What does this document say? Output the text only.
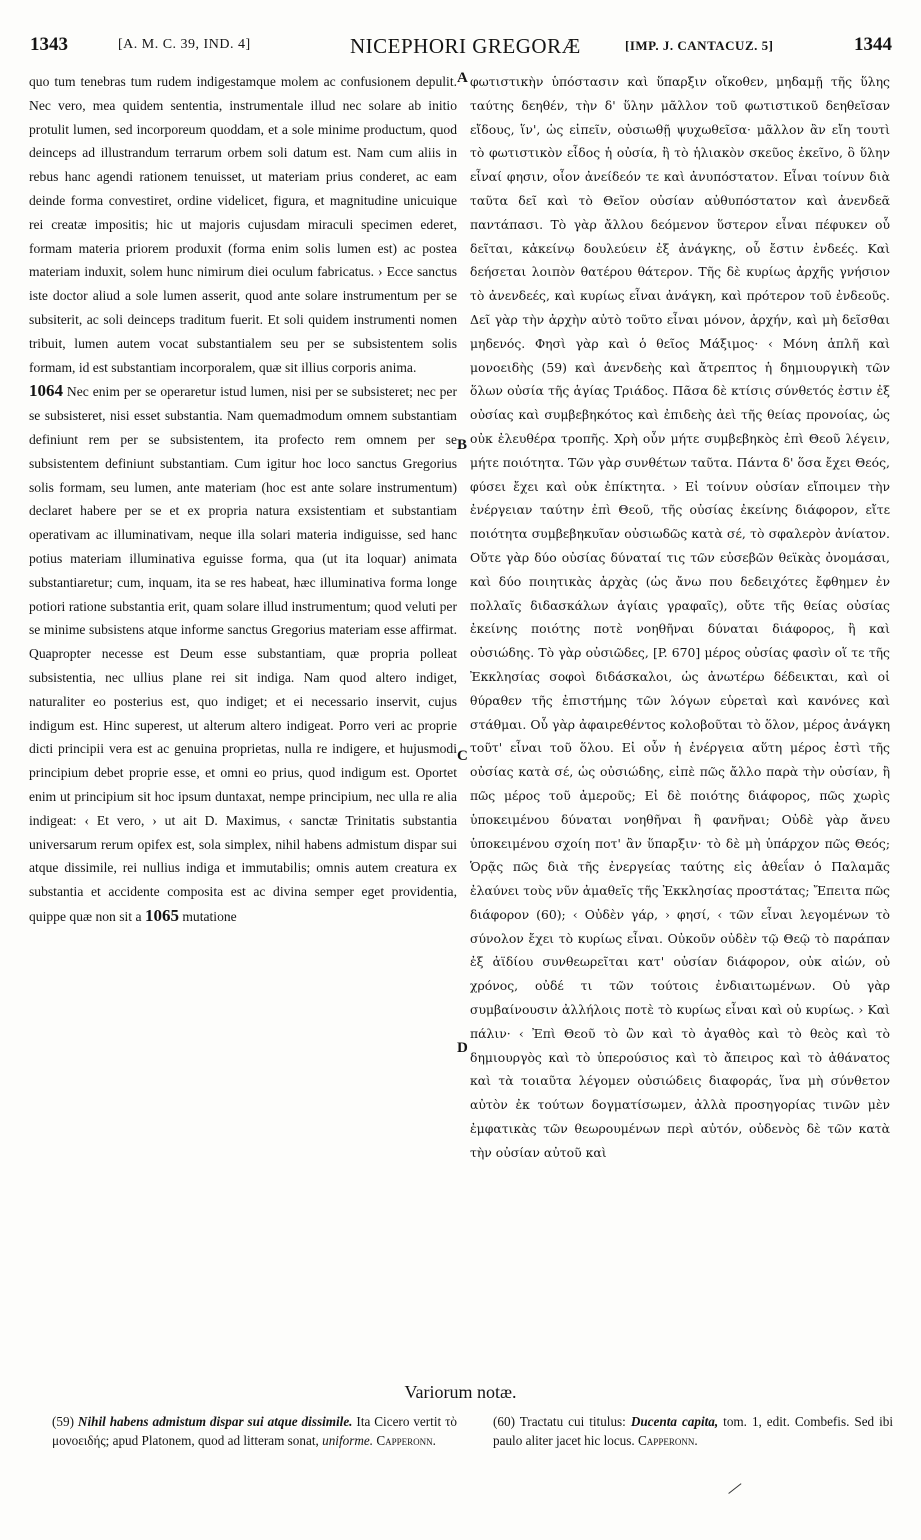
1343	[A. M. C. 39, IND. 4]	NICEPHORI GREGORÆ	[IMP. J. CANTACUZ. 5]	1344

quo tum tenebras tum rudem indigestamque molem ac confusionem depulit. Nec vero, mea quidem sententia, instrumentale illud nec solare ab initio protulit lumen, sed incorporeum quoddam, et a sole minime productum, quod deinceps ad illustrandum terrarum orbem soli datum est. Nam cum aliis in rebus hanc agendi rationem tenuisset, ut materiam prius conderet, ac eam deinde forma convestiret, ordine videlicet, figura, et magnitudine unicuique rei creatæ impositis; hic ut majoris cujusdam miraculi specimen ederet, formam materia priorem produxit (forma enim solis lumen est) ac postea materiam induxit, solem hunc nimirum diei oculum fabricatus. › Ecce sanctus iste doctor aliud a sole lumen asserit, quod ante solare instrumentum per se subsiterit, ac soli deinceps traditum fuerit. Et soli quidem instrumenti nomen tribuit, lumen autem vocat substantialem seu per se subsistentem solis formam, id est substantiam incorporalem, quæ sit illius corporis anima.

1064 Nec enim per se operaretur istud lumen, nisi per se subsisteret; nec per se subsisteret, nisi esset substantia. Nam quemadmodum omnem substantiam definiunt rem per se subsistentem, ita profecto rem omnem per se subsistentem definiunt substantiam. Cum igitur hoc loco sanctus Gregorius solis formam, seu lumen, ante materiam (hoc est ante solare instrumentum) declaret habere per se et ex propria natura exsistentiam et substantiam operativam ac illuminativam, neque illa solari materia indiguisse, sed hanc potius materiam illuminativa eguisse forma, qua (ut ita loquar) animata substantiaretur; cum, inquam, ita se res habeat, hæc illuminativa forma longe potiori ratione substantia erit, quam solare illud instrumentum; quod veluti per se minime subsistens atque informe sanctus Gregorius materiam esse affirmat. Quapropter necesse est Deum esse substantiam, quæ propria polleat subsistentia, nec ullius plane rei sit indiga. Nam quod altero indiget, naturaliter eo posterius est, quo indiget; et ei necessario inservit, cujus indigum est. Hinc superest, ut alterum altero indigeat. Porro veri ac proprie dicti principii vera est ac genuina proprietas, nulla re indigere, et hujusmodi principium debet proprie esse, et omni eo prius, quod indigum est. Oportet enim ut principium sit hoc ipsum duntaxat, nempe principium, nec ulla re alia indigeat: ‹ Et vero, › ut ait D. Maximus, ‹ sanctæ Trinitatis substantia universarum rerum opifex est, sola simplex, nihil habens admistum dispar sui atque dissimile, rei nullius indiga et immutabilis; omnis autem creatura ex substantia et accidente composita est ac divina semper eget providentia, quippe quæ non sit a 1065 mutatione

A
B
C
D

φωτιστικὴν ὑπόστασιν καὶ ὕπαρξιν οἴκοθεν, μηδαμῇ τῆς ὕλης ταύτης δεηθέν, τὴν δ' ὕλην μᾶλλον τοῦ φωτιστικοῦ δεηθεῖσαν εἴδους, ἵν', ὡς εἰπεῖν, οὐσιωθῇ ψυχωθεῖσα· μᾶλλον ἂν εἴη τουτὶ τὸ φωτιστικὸν εἶδος ἡ οὐσία, ἢ τὸ ἡλιακὸν σκεῦος ἐκεῖνο, ὃ ὕλην εἶναί φησιν, οἷον ἀνείδεόν τε καὶ ἀνυπόστατον. Εἶναι τοίνυν διὰ ταῦτα δεῖ καὶ τὸ Θεῖον οὐσίαν αὐθυπόστατον καὶ ἀνενδεᾶ παντάπασι. Τὸ γὰρ ἄλλου δεόμενον ὕστερον εἶναι πέφυκεν οὗ δεῖται, κἀκείνῳ δουλεύειν ἐξ ἀνάγκης, οὗ ἔστιν ἐνδεές. Καὶ δεήσεται λοιπὸν θατέρου θάτερον. Τῆς δὲ κυρίως ἀρχῆς γνήσιον τὸ ἀνενδεές, καὶ κυρίως εἶναι ἀνάγκη, καὶ πρότερον τοῦ ἐνδεοῦς. Δεῖ γὰρ τὴν ἀρχὴν αὐτὸ τοῦτο εἶναι μόνον, ἀρχήν, καὶ μὴ δεῖσθαι μηδενός. Φησὶ γὰρ καὶ ὁ θεῖος Μάξιμος· ‹ Μόνη ἁπλῆ καὶ μονοειδὴς (59) καὶ ἀνενδεὴς καὶ ἄτρεπτος ἡ δημιουργικὴ τῶν ὅλων οὐσία τῆς ἁγίας Τριάδος. Πᾶσα δὲ κτίσις σύνθετός ἐστιν ἐξ οὐσίας καὶ συμβεβηκότος καὶ ἐπιδεὴς ἀεὶ τῆς θείας προνοίας, ὡς οὐκ ἐλευθέρα τροπῆς. Χρὴ οὖν μήτε συμβεβηκὸς ἐπὶ Θεοῦ λέγειν, μήτε ποιότητα. Τῶν γὰρ συνθέτων ταῦτα. Πάντα δ' ὅσα ἔχει Θεός, φύσει ἔχει καὶ οὐκ ἐπίκτητα. › Εἰ τοίνυν οὐσίαν εἴποιμεν τὴν ἐνέργειαν ταύτην ἐπὶ Θεοῦ, τῆς οὐσίας ἐκείνης διάφορον, εἴτε ποιότητα συμβεβηκυῖαν οὐσιωδῶς κατὰ σέ, τὸ σφαλερὸν ἀνίατον. Οὔτε γὰρ δύο οὐσίας δύναταί τις τῶν εὐσεβῶν θεϊκὰς ὀνομάσαι, καὶ δύο ποιητικὰς ἀρχὰς (ὡς ἄνω που δεδειχότες ἔφθημεν ἐν πολλαῖς διδασκάλων ἁγίαις γραφαῖς), οὔτε τῆς θείας οὐσίας ἐκείνης ποιότης ποτὲ νοηθῆναι δύναται διάφορος, ἢ καὶ οὐσιώδης. Τὸ γὰρ οὐσιῶδες, [P. 670] μέρος οὐσίας φασὶν οἵ τε τῆς Ἐκκλησίας σοφοὶ διδάσκαλοι, ὡς ἀνωτέρω δέδεικται, καὶ οἱ θύραθεν τῆς ἐπιστήμης τῶν λόγων εὑρεταὶ καὶ κανόνες καὶ στάθμαι. Οὗ γὰρ ἀφαιρεθέντος κολοβοῦται τὸ ὅλον, μέρος ἀνάγκη τοῦτ' εἶναι τοῦ ὅλου. Εἰ οὖν ἡ ἐνέργεια αὕτη μέρος ἐστὶ τῆς οὐσίας κατὰ σέ, ὡς οὐσιώδης, εἰπὲ πῶς ἄλλο παρὰ τὴν οὐσίαν, ἢ πῶς μέρος τοῦ ἀμεροῦς; Εἰ δὲ ποιότης διάφορος, πῶς χωρὶς ὑποκειμένου δύναται νοηθῆναι ἢ φανῆναι; Οὐδὲ γὰρ ἄνευ ὑποκειμένου σχοίη ποτ' ἂν ὕπαρξιν· τὸ δὲ μὴ ὑπάρχον πῶς Θεός; Ὁρᾷς πῶς διὰ τῆς ἐνεργείας ταύτης εἰς ἀθεΐαν ὁ Παλαμᾶς ἐλαύνει τοὺς νῦν ἀμαθεῖς τῆς Ἐκκλησίας προστάτας; Ἔπειτα πῶς διάφορον (60); ‹ Οὐδὲν γάρ, › φησί, ‹ τῶν εἶναι λεγομένων τὸ σύνολον ἔχει τὸ κυρίως εἶναι. Οὐκοῦν οὐδὲν τῷ Θεῷ τὸ παράπαν ἐξ ἀϊδίου συνθεωρεῖται κατ' οὐσίαν διάφορον, οὐκ αἰών, οὐ χρόνος, οὐδέ τι τῶν τούτοις ἐνδιαιτωμένων. Οὐ γὰρ συμβαίνουσιν ἀλλήλοις ποτὲ τὸ κυρίως εἶναι καὶ οὐ κυρίως. › Καὶ πάλιν· ‹ Ἐπὶ Θεοῦ τὸ ὢν καὶ τὸ ἀγαθὸς καὶ τὸ θεὸς καὶ τὸ δημιουργὸς καὶ τὸ ὑπερούσιος καὶ τὸ ἄπειρος καὶ τὸ ἀθάνατος καὶ τὰ τοιαῦτα λέγομεν οὐσιώδεις διαφοράς, ἵνα μὴ σύνθετον αὐτὸν ἐκ τούτων δογματίσωμεν, ἀλλὰ προσηγορίας τινῶν μὲν ἐμφατικὰς τῶν θεωρουμένων περὶ αὐτόν, οὐδενὸς δὲ τῶν κατὰ τὴν οὐσίαν αὐτοῦ καὶ

Variorum notæ.
(59) Nihil habens admistum dispar sui atque dissimile. Ita Cicero vertit τὸ μονοειδής; apud Platonem, quod ad litteram sonat, uniforme. Capperonn.
(60) Tractatu cui titulus: Ducenta capita, tom. 1, edit. Combefis. Sed ibi paulo aliter jacet hic locus. Capperonn.
